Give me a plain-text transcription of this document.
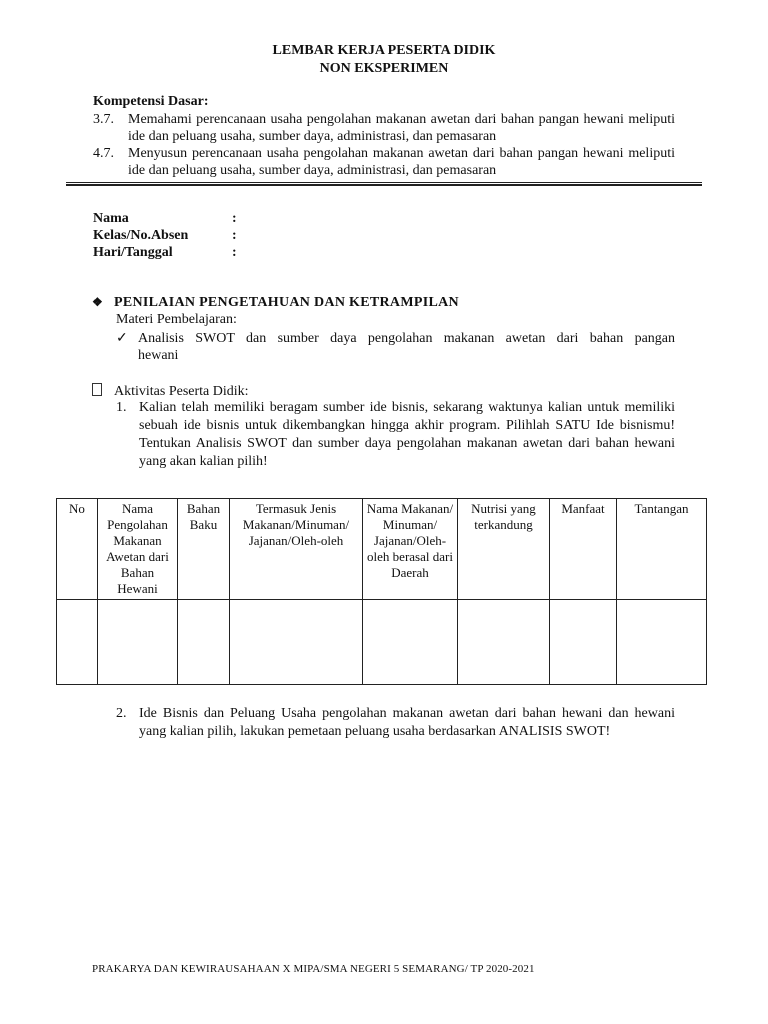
LEMBAR KERJA PESERTA DIDIK
NON EKSPERIMEN
Kompetensi Dasar:
3.7.	Memahami perencanaan usaha pengolahan makanan awetan dari bahan pangan hewani meliputi ide dan peluang usaha, sumber daya, administrasi, dan pemasaran
4.7.	Menyusun perencanaan usaha pengolahan makanan awetan dari bahan pangan hewani meliputi ide dan peluang usaha, sumber daya, administrasi, dan pemasaran
Nama	:
Kelas/No.Absen	:
Hari/Tanggal	:
❖ PENILAIAN PENGETAHUAN DAN KETRAMPILAN
Materi Pembelajaran:
✓ Analisis SWOT dan sumber daya pengolahan makanan awetan dari bahan pangan
hewani
Aktivitas Peserta Didik:
1. Kalian telah memiliki beragam sumber ide bisnis, sekarang waktunya kalian untuk memiliki sebuah ide bisnis untuk dikembangkan hingga akhir program. Pilihlah SATU Ide bisnismu! Tentukan Analisis SWOT dan sumber daya pengolahan makanan awetan dari bahan hewani yang akan kalian pilih!
No	Nama Pengolahan Makanan Awetan dari Bahan Hewani	Bahan Baku	Termasuk Jenis Makanan/Minuman/ Jajanan/Oleh-oleh	Nama Makanan/ Minuman/ Jajanan/Oleh-oleh berasal dari Daerah	Nutrisi yang terkandung	Manfaat	Tantangan

2. Ide Bisnis dan Peluang Usaha pengolahan makanan awetan dari bahan hewani dan hewani yang kalian pilih, lakukan pemetaan peluang usaha berdasarkan ANALISIS SWOT!
PRAKARYA DAN KEWIRAUSAHAAN X MIPA/SMA NEGERI 5 SEMARANG/ TP 2020-2021
